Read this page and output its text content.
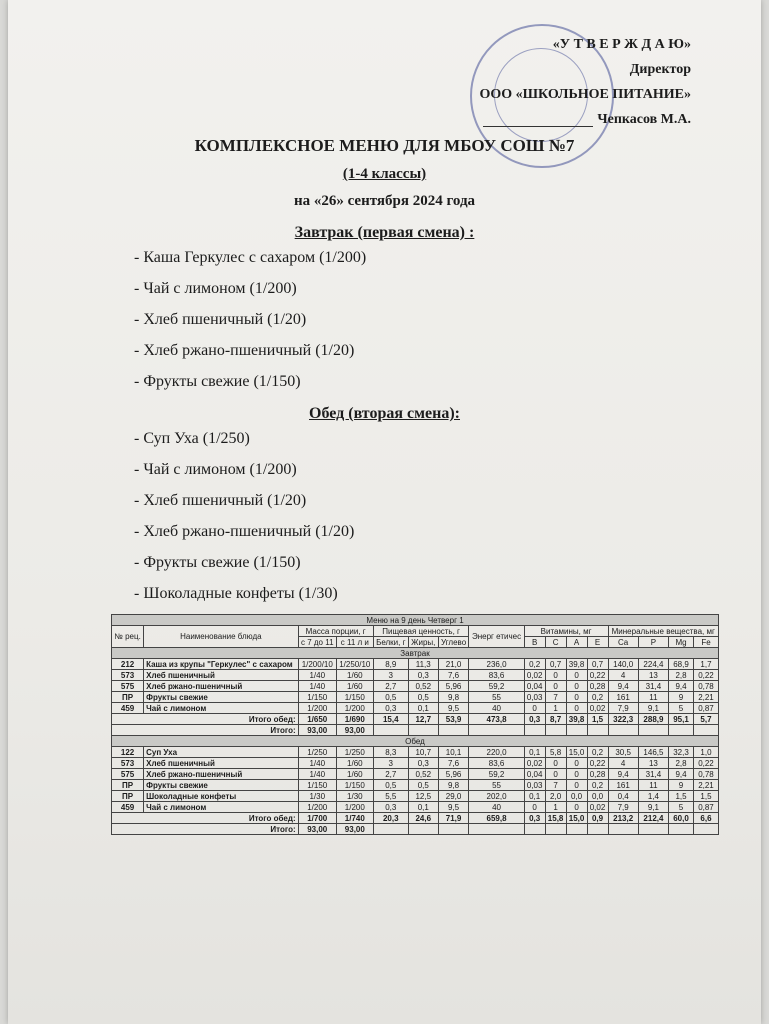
«У Т В Е Р Ж Д А Ю»
Директор
ООО «ШКОЛЬНОЕ ПИТАНИЕ»
Чепкасов М.А.
КОМПЛЕКСНОЕ МЕНЮ ДЛЯ МБОУ СОШ №7
(1-4 классы)
на «26» сентября 2024 года
Завтрак (первая смена) :
- Каша Геркулес с сахаром (1/200)
- Чай с лимоном (1/200)
- Хлеб пшеничный (1/20)
- Хлеб ржано-пшеничный (1/20)
- Фрукты свежие (1/150)
Обед (вторая смена):
- Суп Уха (1/250)
- Чай с лимоном (1/200)
- Хлеб пшеничный (1/20)
- Хлеб ржано-пшеничный (1/20)
- Фрукты свежие (1/150)
- Шоколадные конфеты (1/30)
Меню на 9 день Четверг 1															
№ рец.	Наименование блюда	Масса порции, г		Пищевая ценность, г			Энерг етичес	Витамины, мг				Минеральные вещества, мг			
		с 7 до 11	с 11 л и	Белки, г	Жиры,	Углево		B	C	A	E	Ca	P	Mg	Fe
Завтрак															
212	Каша из крупы "Геркулес" с сахаром	1/200/10	1/250/10	8,9	11,3	21,0	236,0	0,2	0,7	39,8	0,7	140,0	224,4	68,9	1,7
573	Хлеб пшеничный	1/40	1/60	3	0,3	7,6	83,6	0,02	0	0	0,22	4	13	2,8	0,22
575	Хлеб ржано-пшеничный	1/40	1/60	2,7	0,52	5,96	59,2	0,04	0	0	0,28	9,4	31,4	9,4	0,78
ПР	Фрукты свежие	1/150	1/150	0,5	0,5	9,8	55	0,03	7	0	0,2	161	11	9	2,21
459	Чай с лимоном	1/200	1/200	0,3	0,1	9,5	40	0	1	0	0,02	7,9	9,1	5	0,87
Итого обед:		1/650	1/690	15,4	12,7	53,9	473,8	0,3	8,7	39,8	1,5	322,3	288,9	95,1	5,7
Итого:		93,00	93,00												
Обед															
122	Суп Уха	1/250	1/250	8,3	10,7	10,1	220,0	0,1	5,8	15,0	0,2	30,5	146,5	32,3	1,0
573	Хлеб пшеничный	1/40	1/60	3	0,3	7,6	83,6	0,02	0	0	0,22	4	13	2,8	0,22
575	Хлеб ржано-пшеничный	1/40	1/60	2,7	0,52	5,96	59,2	0,04	0	0	0,28	9,4	31,4	9,4	0,78
ПР	Фрукты свежие	1/150	1/150	0,5	0,5	9,8	55	0,03	7	0	0,2	161	11	9	2,21
ПР	Шоколадные конфеты	1/30	1/30	5,5	12,5	29,0	202,0	0,1	2,0	0,0	0,0	0,4	1,4	1,5	1,5
459	Чай с лимоном	1/200	1/200	0,3	0,1	9,5	40	0	1	0	0,02	7,9	9,1	5	0,87
Итого обед:		1/700	1/740	20,3	24,6	71,9	659,8	0,3	15,8	15,0	0,9	213,2	212,4	60,0	6,6
Итого:		93,00	93,00												
